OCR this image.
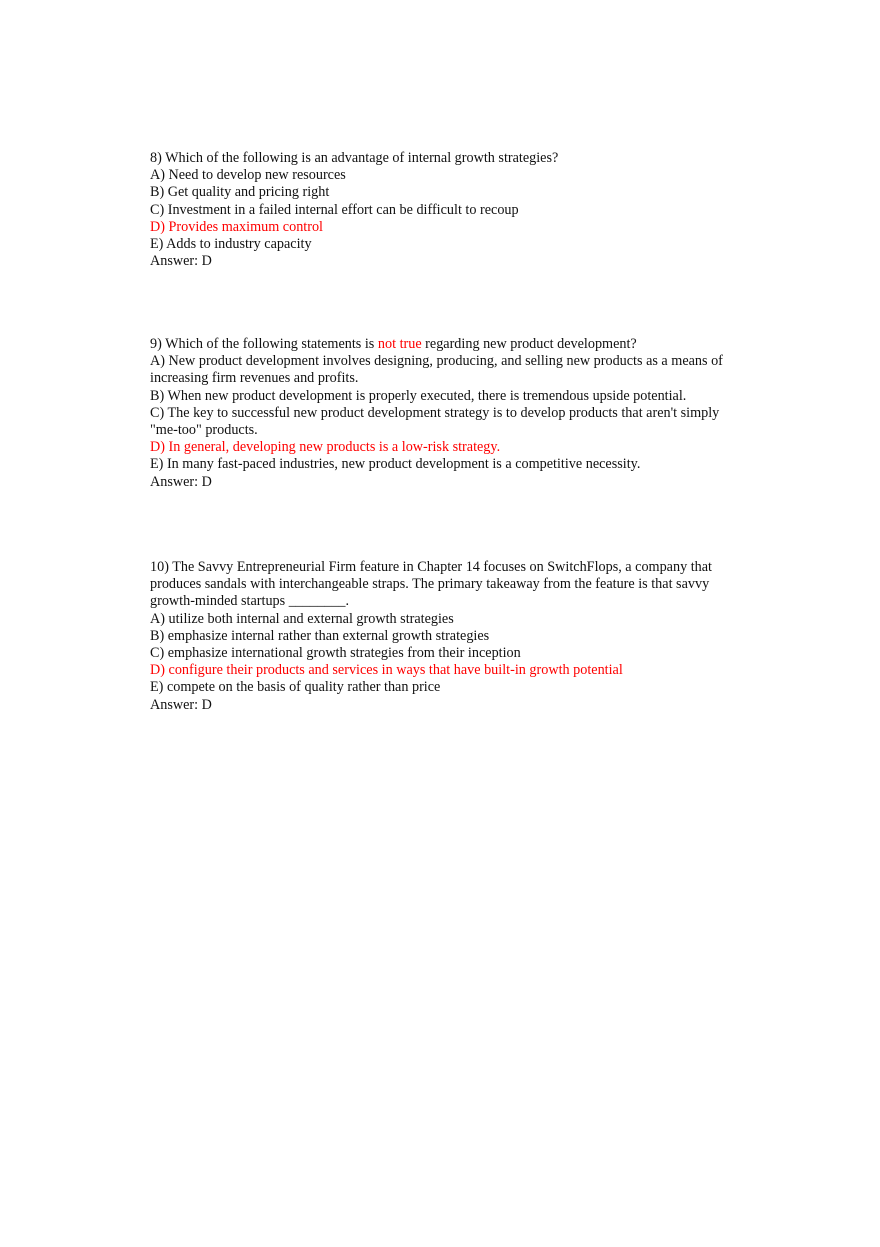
8) Which of the following is an advantage of internal growth strategies?
A) Need to develop new resources
B) Get quality and pricing right
C) Investment in a failed internal effort can be difficult to recoup
D) Provides maximum control
E) Adds to industry capacity
Answer: D
9) Which of the following statements is not true regarding new product development?
A) New product development involves designing, producing, and selling new products as a means of increasing firm revenues and profits.
B) When new product development is properly executed, there is tremendous upside potential.
C) The key to successful new product development strategy is to develop products that aren't simply "me-too" products.
D) In general, developing new products is a low-risk strategy.
E) In many fast-paced industries, new product development is a competitive necessity.
Answer: D
10) The Savvy Entrepreneurial Firm feature in Chapter 14 focuses on SwitchFlops, a company that produces sandals with interchangeable straps. The primary takeaway from the feature is that savvy growth-minded startups ________.
A) utilize both internal and external growth strategies
B) emphasize internal rather than external growth strategies
C) emphasize international growth strategies from their inception
D) configure their products and services in ways that have built-in growth potential
E) compete on the basis of quality rather than price
Answer: D
